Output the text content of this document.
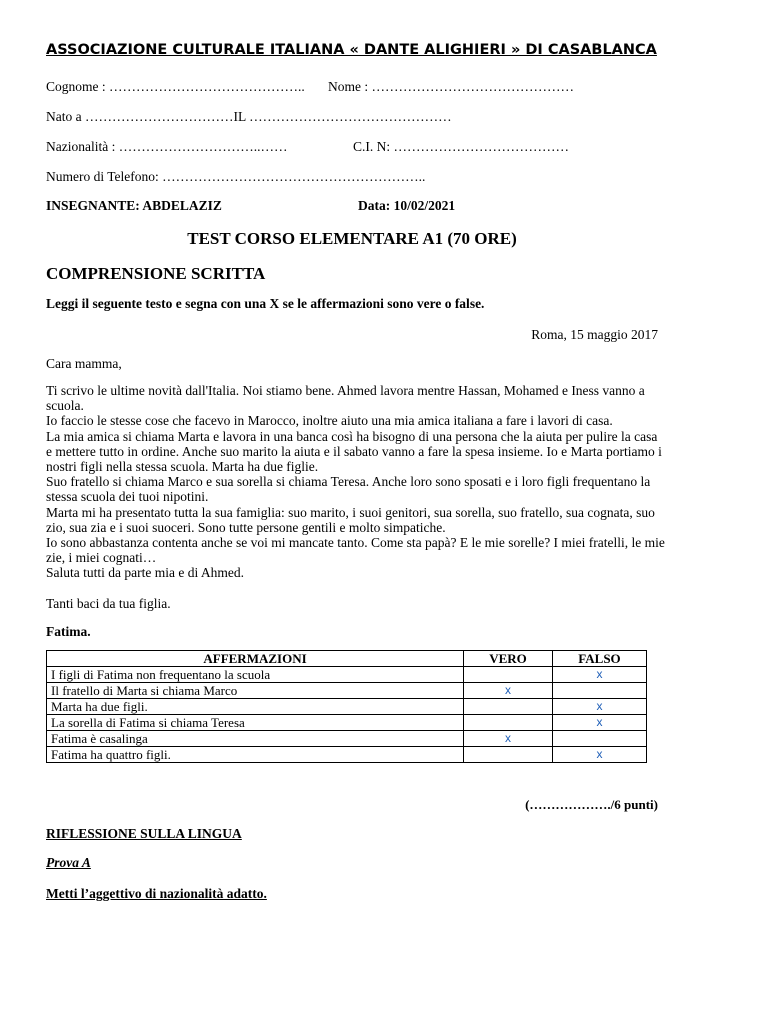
ASSOCIAZIONE CULTURALE ITALIANA « DANTE ALIGHIERI » DI CASABLANCA
Cognome : …………………………………….. Nome : ………………………………………
Nato a ……………………………IL ………………………………………
Nazionalità : …………………………..……	C.I. N: …………………………………
Numero di Telefono: …………………………………………………..
INSEGNANTE: ABDELAZIZ	Data: 10/02/2021
TEST CORSO ELEMENTARE A1 (70 ORE)
COMPRENSIONE SCRITTA
Leggi il seguente testo e segna con una X se le affermazioni sono vere o false.
Roma, 15 maggio 2017
Cara mamma,
Ti scrivo le ultime novità dall'Italia. Noi stiamo bene. Ahmed lavora mentre Hassan, Mohamed e Iness vanno a scuola.
Io faccio le stesse cose che facevo in Marocco, inoltre aiuto una mia amica italiana a fare i lavori di casa.
La mia amica si chiama Marta e lavora in una banca così ha bisogno di una persona che la aiuta per pulire la casa e mettere tutto in ordine. Anche suo marito la aiuta e il sabato vanno a fare la spesa insieme. Io e Marta portiamo i nostri figli nella stessa scuola. Marta ha due figlie.
Suo fratello si chiama Marco e sua sorella si chiama Teresa. Anche loro sono sposati e i loro figli frequentano la stessa scuola dei tuoi nipotini.
Marta mi ha presentato tutta la sua famiglia: suo marito, i suoi genitori, sua sorella, suo fratello, sua cognata, suo zio, sua zia e i suoi suoceri. Sono tutte persone gentili e molto simpatiche.
Io sono abbastanza contenta anche se voi mi mancate tanto. Come sta papà? E le mie sorelle? I miei fratelli, le mie zie, i miei cognati…
Saluta tutti da parte mia e di Ahmed.
Tanti baci da tua figlia.
Fatima.
AFFERMAZIONI	VERO	FALSO
I figli di Fatima non frequentano la scuola		x
Il fratello di Marta si chiama Marco	x	
Marta ha due figli.		x
La sorella di Fatima si chiama Teresa		x
Fatima è casalinga	x	
Fatima ha quattro figli.		x
(………………./6 punti)
RIFLESSIONE SULLA LINGUA
Prova A
Metti l’aggettivo di nazionalità adatto.
